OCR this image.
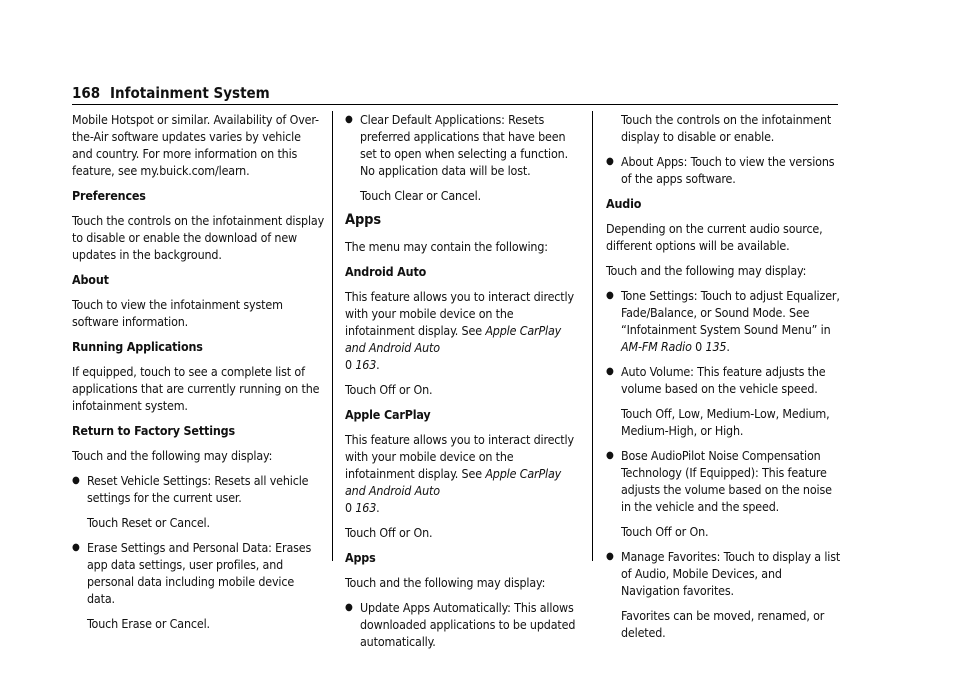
168 Infotainment System

Mobile Hotspot or similar. Availability of Over-the-Air software updates varies by vehicle and country. For more information on this feature, see my.buick.com/learn.

Preferences

Touch the controls on the infotainment display to disable or enable the download of new updates in the background.

About

Touch to view the infotainment system software information.

Running Applications

If equipped, touch to see a complete list of applications that are currently running on the infotainment system.

Return to Factory Settings

Touch and the following may display:

● Reset Vehicle Settings: Resets all vehicle settings for the current user.

Touch Reset or Cancel.

● Erase Settings and Personal Data: Erases app data settings, user profiles, and personal data including mobile device data.

Touch Erase or Cancel.

● Clear Default Applications: Resets preferred applications that have been set to open when selecting a function. No application data will be lost.

Touch Clear or Cancel.

Apps

The menu may contain the following:

Android Auto

This feature allows you to interact directly with your mobile device on the infotainment display. See Apple CarPlay and Android Auto
0 163.

Touch Off or On.

Apple CarPlay

This feature allows you to interact directly with your mobile device on the infotainment display. See Apple CarPlay and Android Auto
0 163.

Touch Off or On.

Apps

Touch and the following may display:

● Update Apps Automatically: This allows downloaded applications to be updated automatically.

Touch the controls on the infotainment display to disable or enable.

● About Apps: Touch to view the versions of the apps software.

Audio

Depending on the current audio source, different options will be available.

Touch and the following may display:

● Tone Settings: Touch to adjust Equalizer, Fade/Balance, or Sound Mode. See “Infotainment System Sound Menu” in AM-FM Radio 0 135.
● Auto Volume: This feature adjusts the volume based on the vehicle speed.

Touch Off, Low, Medium-Low, Medium, Medium-High, or High.

● Bose AudioPilot Noise Compensation Technology (If Equipped): This feature adjusts the volume based on the noise in the vehicle and the speed.

Touch Off or On.

● Manage Favorites: Touch to display a list of Audio, Mobile Devices, and Navigation favorites.

Favorites can be moved, renamed, or deleted.
